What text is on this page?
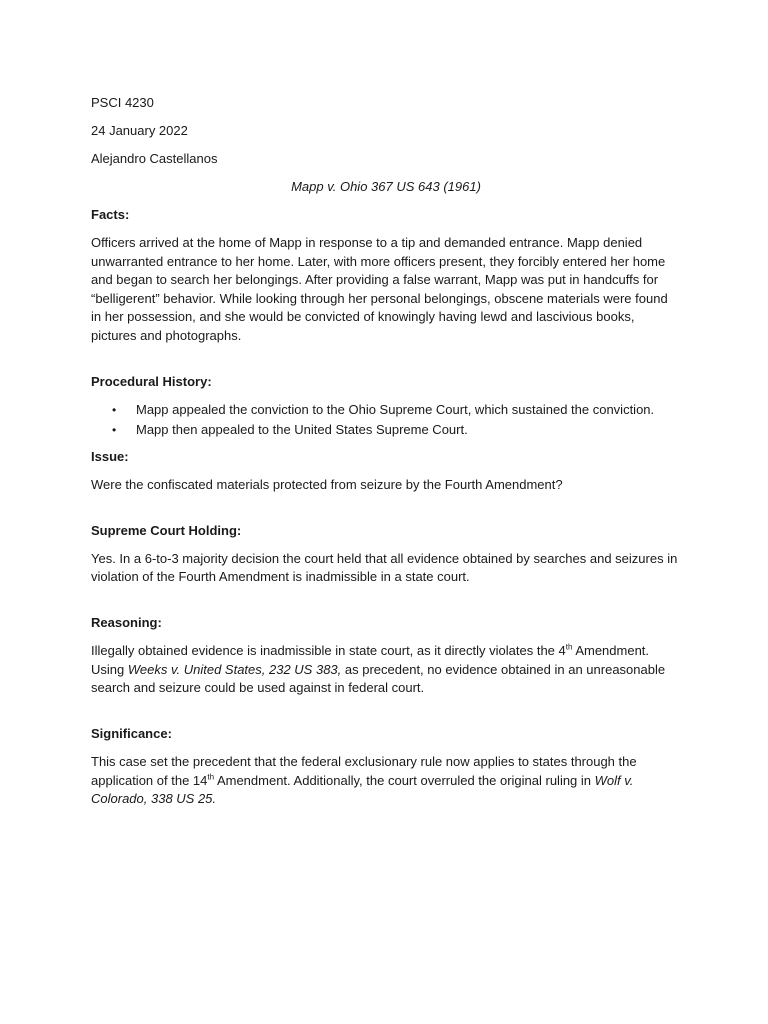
PSCI 4230

24 January 2022

Alejandro Castellanos

Mapp v. Ohio 367 US 643 (1961)

Facts:

Officers arrived at the home of Mapp in response to a tip and demanded entrance. Mapp denied unwarranted entrance to her home. Later, with more officers present, they forcibly entered her home and began to search her belongings. After providing a false warrant, Mapp was put in handcuffs for “belligerent” behavior. While looking through her personal belongings, obscene materials were found in her possession, and she would be convicted of knowingly having lewd and lascivious books, pictures and photographs.

Procedural History:

• Mapp appealed the conviction to the Ohio Supreme Court, which sustained the conviction.
• Mapp then appealed to the United States Supreme Court.

Issue:

Were the confiscated materials protected from seizure by the Fourth Amendment?

Supreme Court Holding:

Yes. In a 6-to-3 majority decision the court held that all evidence obtained by searches and seizures in violation of the Fourth Amendment is inadmissible in a state court.

Reasoning:

Illegally obtained evidence is inadmissible in state court, as it directly violates the 4th Amendment. Using Weeks v. United States, 232 US 383, as precedent, no evidence obtained in an unreasonable search and seizure could be used against in federal court.

Significance:

This case set the precedent that the federal exclusionary rule now applies to states through the application of the 14th Amendment. Additionally, the court overruled the original ruling in Wolf v. Colorado, 338 US 25.
